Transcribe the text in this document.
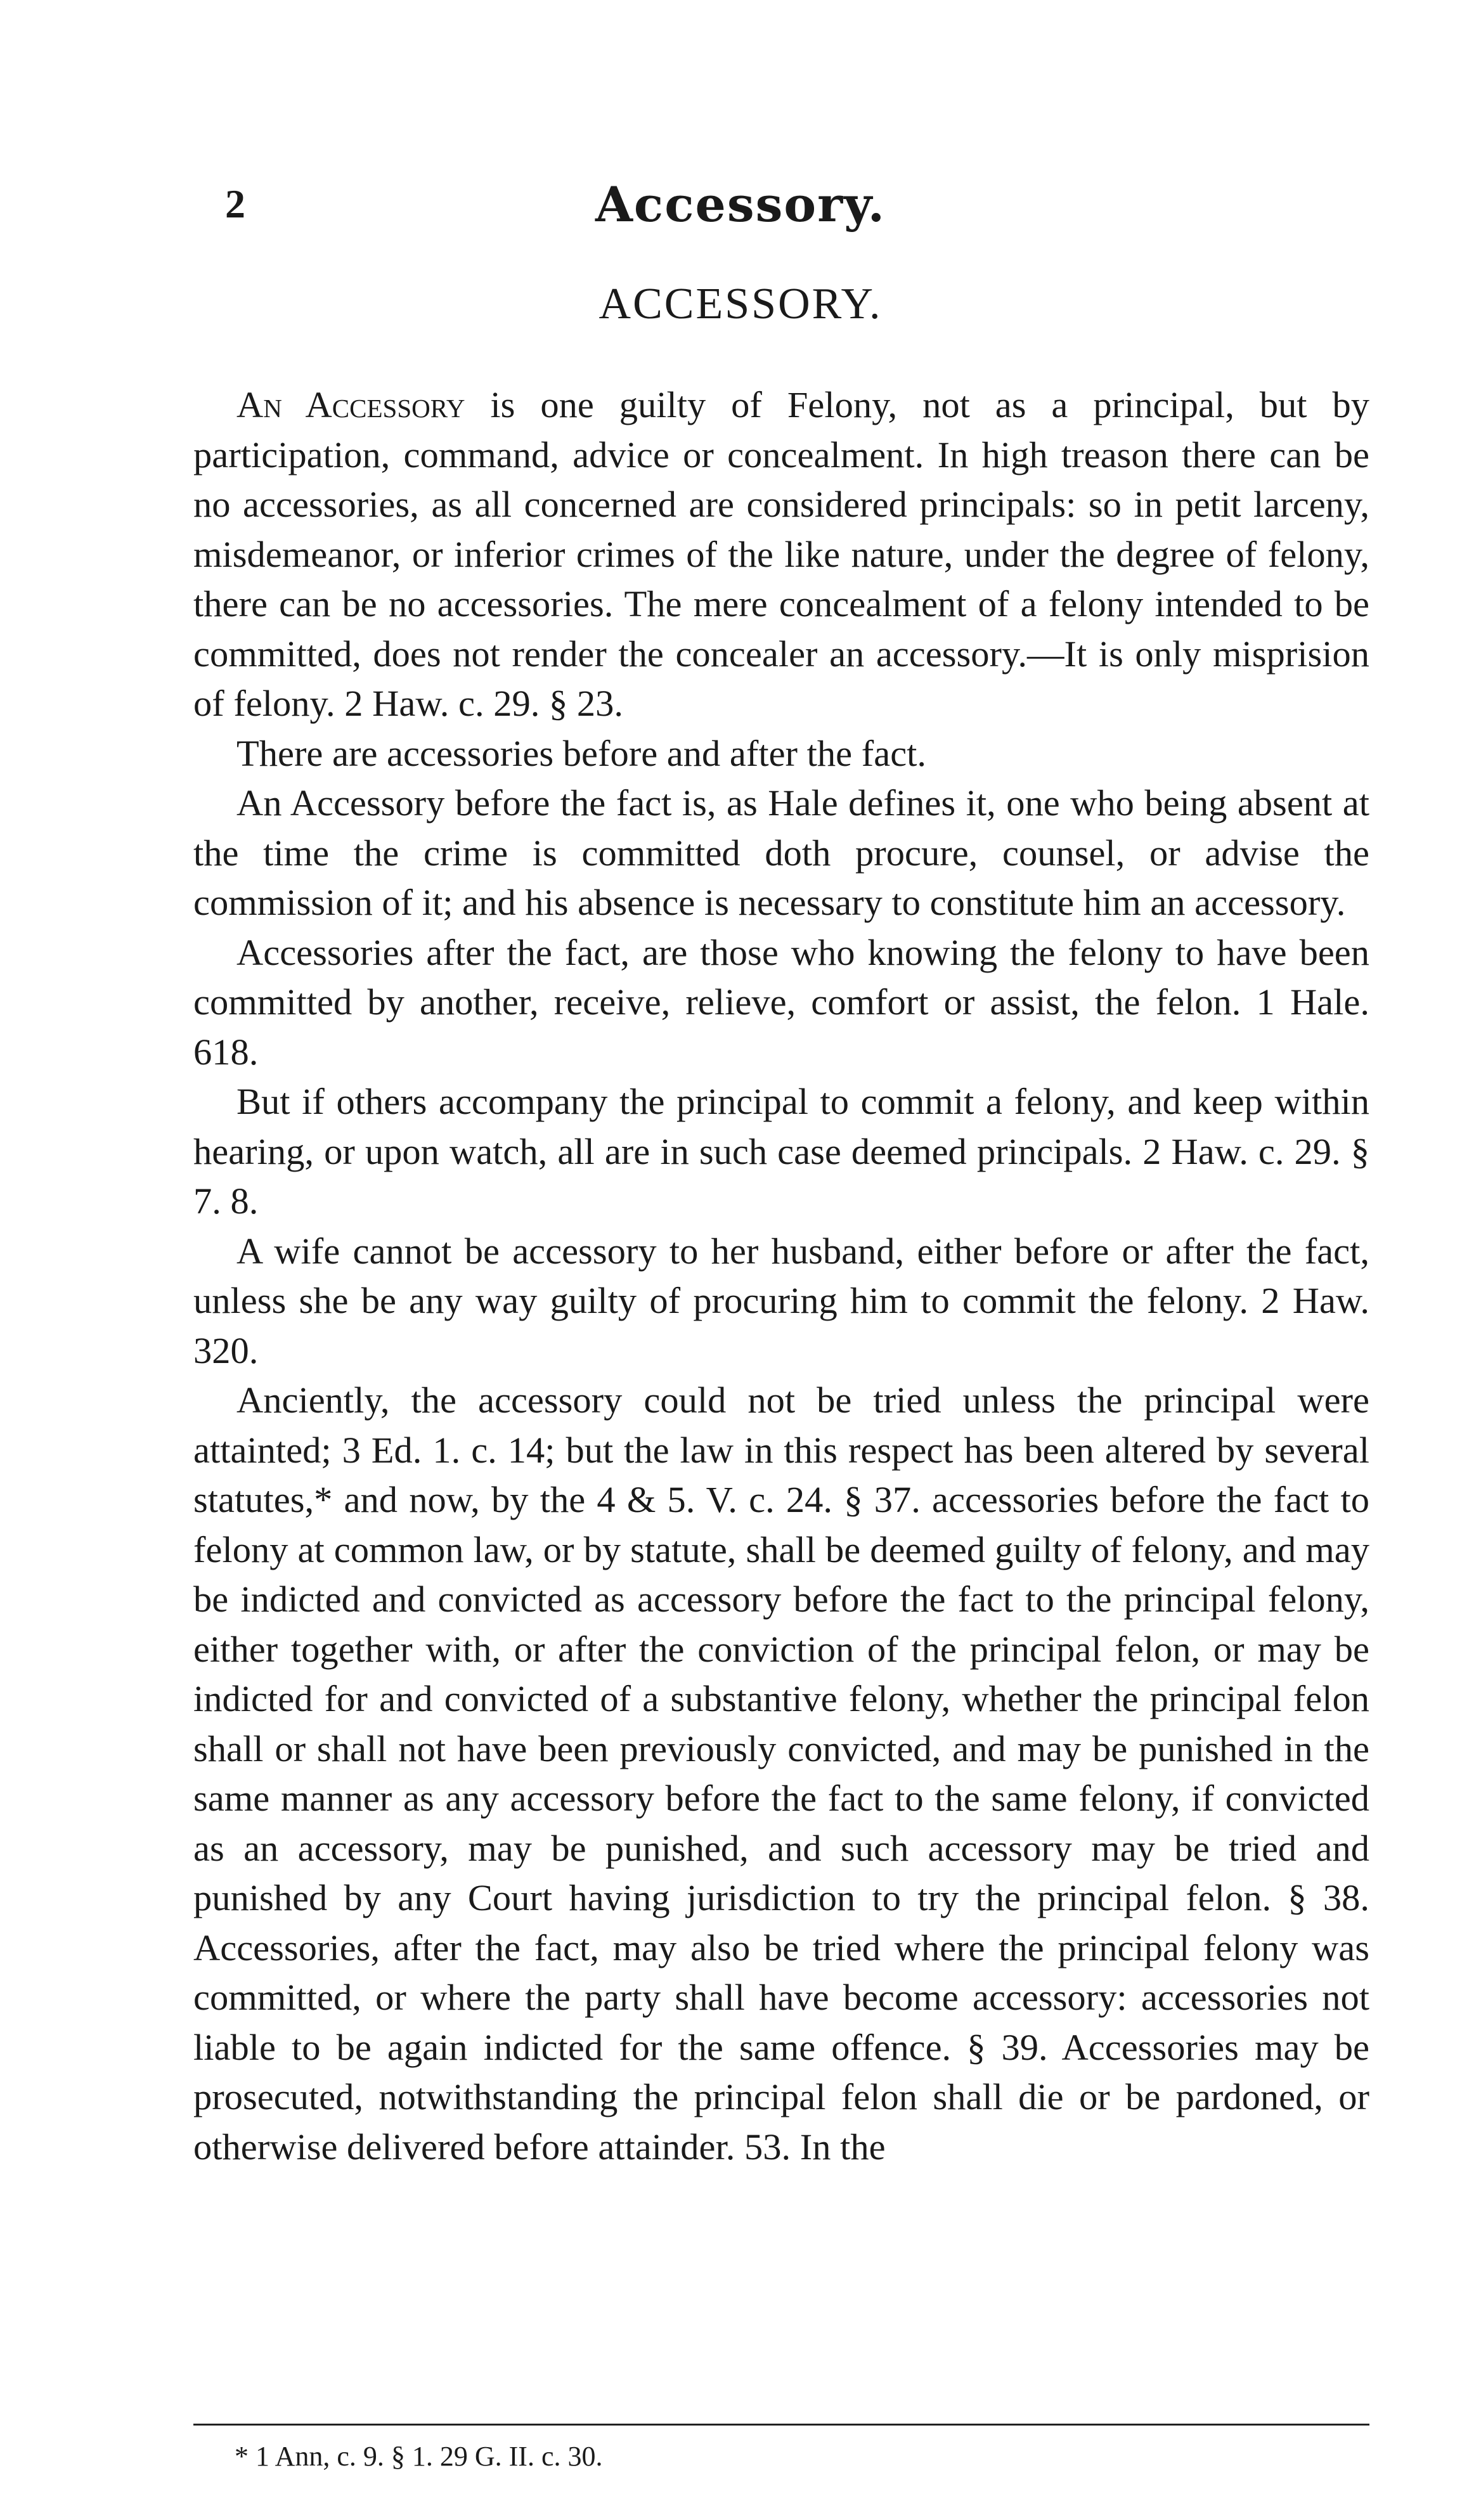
2	Accessory.
ACCESSORY.

An Accessory is one guilty of Felony, not as a principal, but by participation, command, advice or concealment. In high treason there can be no accessories, as all concerned are considered principals: so in petit larceny, misdemeanor, or inferior crimes of the like nature, under the degree of felony, there can be no accessories. The mere concealment of a felony intended to be committed, does not render the concealer an accessory.—It is only misprision of felony. 2 Haw. c. 29. § 23.

There are accessories before and after the fact.

An Accessory before the fact is, as Hale defines it, one who being absent at the time the crime is committed doth procure, counsel, or advise the commission of it; and his absence is necessary to constitute him an accessory.

Accessories after the fact, are those who knowing the felony to have been committed by another, receive, relieve, comfort or assist, the felon. 1 Hale. 618.

But if others accompany the principal to commit a felony, and keep within hearing, or upon watch, all are in such case deemed principals. 2 Haw. c. 29. § 7. 8.

A wife cannot be accessory to her husband, either before or after the fact, unless she be any way guilty of procuring him to commit the felony. 2 Haw. 320.

Anciently, the accessory could not be tried unless the principal were attainted; 3 Ed. 1. c. 14; but the law in this respect has been altered by several statutes,* and now, by the 4 & 5. V. c. 24. § 37. accessories before the fact to felony at common law, or by statute, shall be deemed guilty of felony, and may be indicted and convicted as accessory before the fact to the principal felony, either together with, or after the conviction of the principal felon, or may be indicted for and convicted of a substantive felony, whether the principal felon shall or shall not have been previously convicted, and may be punished in the same manner as any accessory before the fact to the same felony, if convicted as an accessory, may be punished, and such accessory may be tried and punished by any Court having jurisdiction to try the principal felon. § 38. Accessories, after the fact, may also be tried where the principal felony was committed, or where the party shall have become accessory: accessories not liable to be again indicted for the same offence. § 39. Accessories may be prosecuted, notwithstanding the principal felon shall die or be pardoned, or otherwise delivered before attainder. 53. In the

* 1 Ann, c. 9. § 1. 29 G. II. c. 30.
